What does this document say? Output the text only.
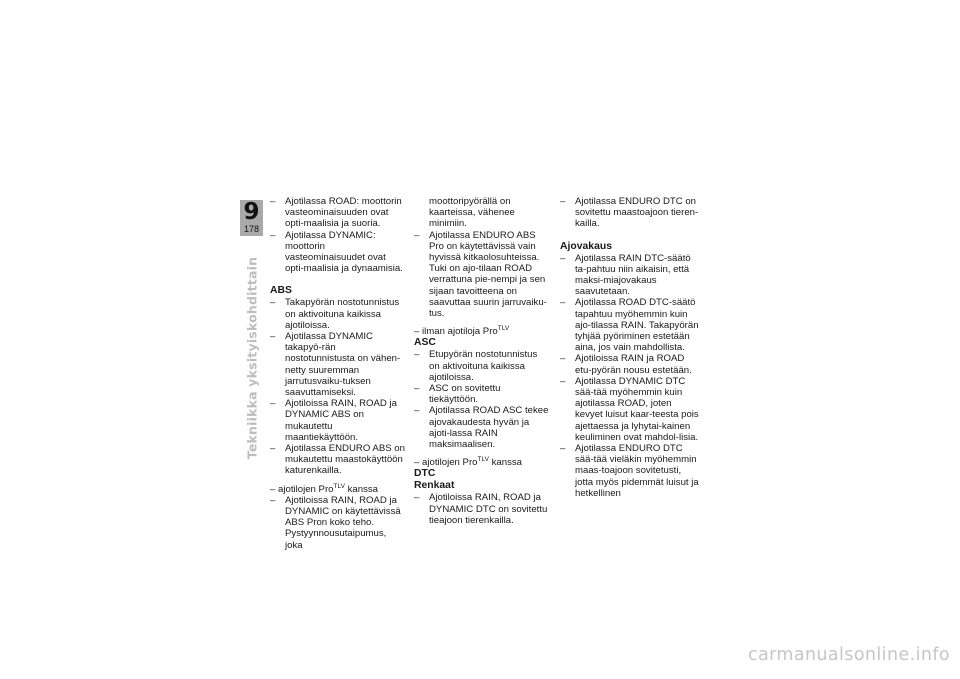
9
178
Tekniikka yksityiskohdittain
– Ajotilassa ROAD: moottorin vasteominaisuuden ovat opti-maalisia ja suoria.
– Ajotilassa DYNAMIC: moottorin vasteominaisuudet ovat opti-maalisia ja dynaamisia.
ABS
– Takapyörän nostotunnistus on aktivoituna kaikissa ajotiloissa.
– Ajotilassa DYNAMIC takapyö-rän nostotunnistusta on vähen-netty suuremman jarrutusvaiku-tuksen saavuttamiseksi.
– Ajotiloissa RAIN, ROAD ja DYNAMIC ABS on mukautettu maantiekäyttöön.
– Ajotilassa ENDURO ABS on mukautettu maastokäyttöön katurenkailla.
– ajotilojen Pro$^{TLV}$ kanssa
– Ajotiloissa RAIN, ROAD ja DYNAMIC on käytettävissä ABS Pron koko teho. Pystyynnousutaipumus, joka
moottoripyörällä on kaarteissa, vähenee minimiin.
– Ajotilassa ENDURO ABS Pro on käytettävissä vain hyvissä kitkaolosuhteissa. Tuki on ajo-tilaan ROAD verrattuna pie-nempi ja sen sijaan tavoitteena on saavuttaa suurin jarruvaiku-tus.
– ilman ajotiloja Pro$^{TLV}$
ASC
– Etupyörän nostotunnistus on aktivoituna kaikissa ajotiloissa.
– ASC on sovitettu tiekäyttöön.
– Ajotilassa ROAD ASC tekee ajovakaudesta hyvän ja ajoti-lassa RAIN maksimaalisen.
– ajotilojen Pro$^{TLV}$ kanssa
DTC
Renkaat
– Ajotiloissa RAIN, ROAD ja DYNAMIC DTC on sovitettu tieajoon tierenkailla.
– Ajotilassa ENDURO DTC on sovitettu maastoajoon tieren-kailla.
Ajovakaus
– Ajotilassa RAIN DTC-säätö ta-pahtuu niin aikaisin, että maksi-miajovakaus saavutetaan.
– Ajotilassa ROAD DTC-säätö tapahtuu myöhemmin kuin ajo-tilassa RAIN. Takapyörän tyhjää pyöriminen estetään aina, jos vain mahdollista.
– Ajotiloissa RAIN ja ROAD etu-pyörän nousu estetään.
– Ajotilassa DYNAMIC DTC sää-tää myöhemmin kuin ajotilassa ROAD, joten kevyet luisut kaar-teesta pois ajettaessa ja lyhytai-kainen keuliminen ovat mahdol-lisia.
– Ajotilassa ENDURO DTC sää-tää vieläkin myöhemmin maas-toajoon sovitetusti, jotta myös pidemmät luisut ja hetkellinen
carmanualsonline.info
